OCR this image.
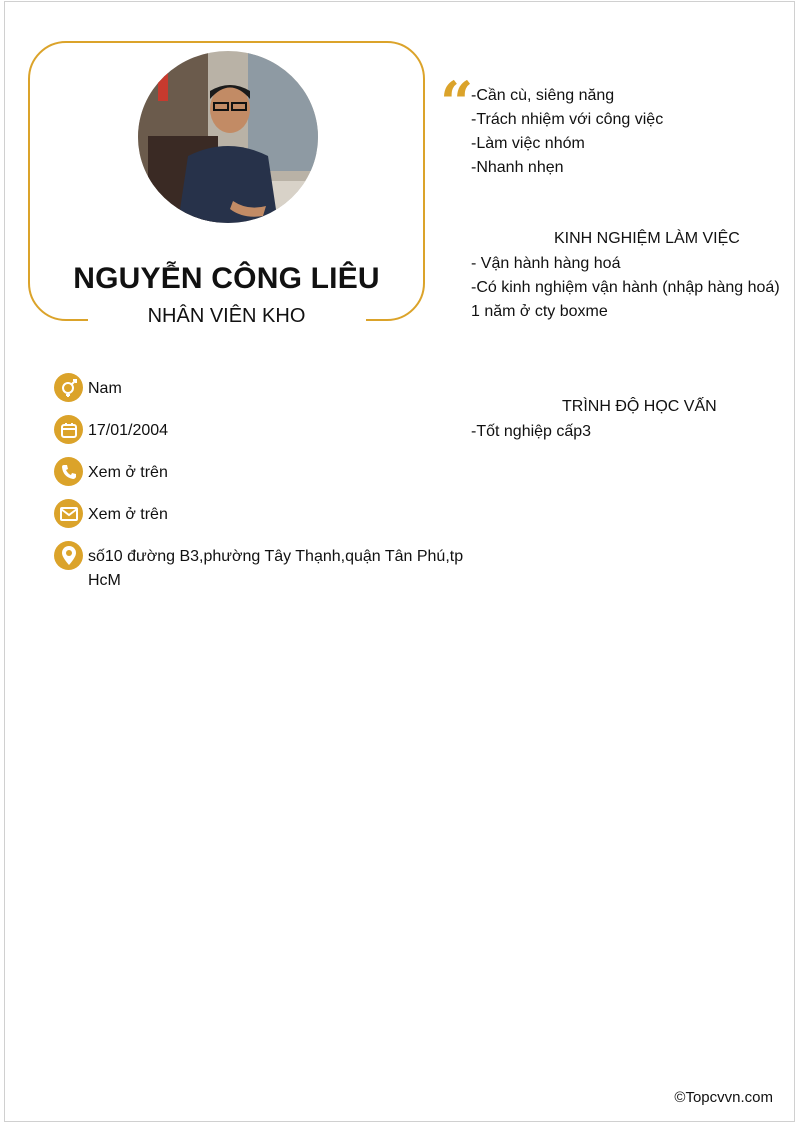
NGUYỄN CÔNG LIÊU
NHÂN VIÊN KHO
“
-Cần cù, siêng năng
-Trách nhiệm với công việc
-Làm việc nhóm
-Nhanh nhẹn
KINH NGHIỆM LÀM VIỆC
- Vận hành hàng hoá
-Có kinh nghiệm vận hành (nhập hàng hoá)
1 năm ở cty boxme
TRÌNH ĐỘ HỌC VẤN
-Tốt nghiệp cấp3
Nam
17/01/2004
Xem ở trên
Xem ở trên
số10 đường B3,phường Tây Thạnh,quận Tân Phú,tp
HcM
©Topcvvn.com
